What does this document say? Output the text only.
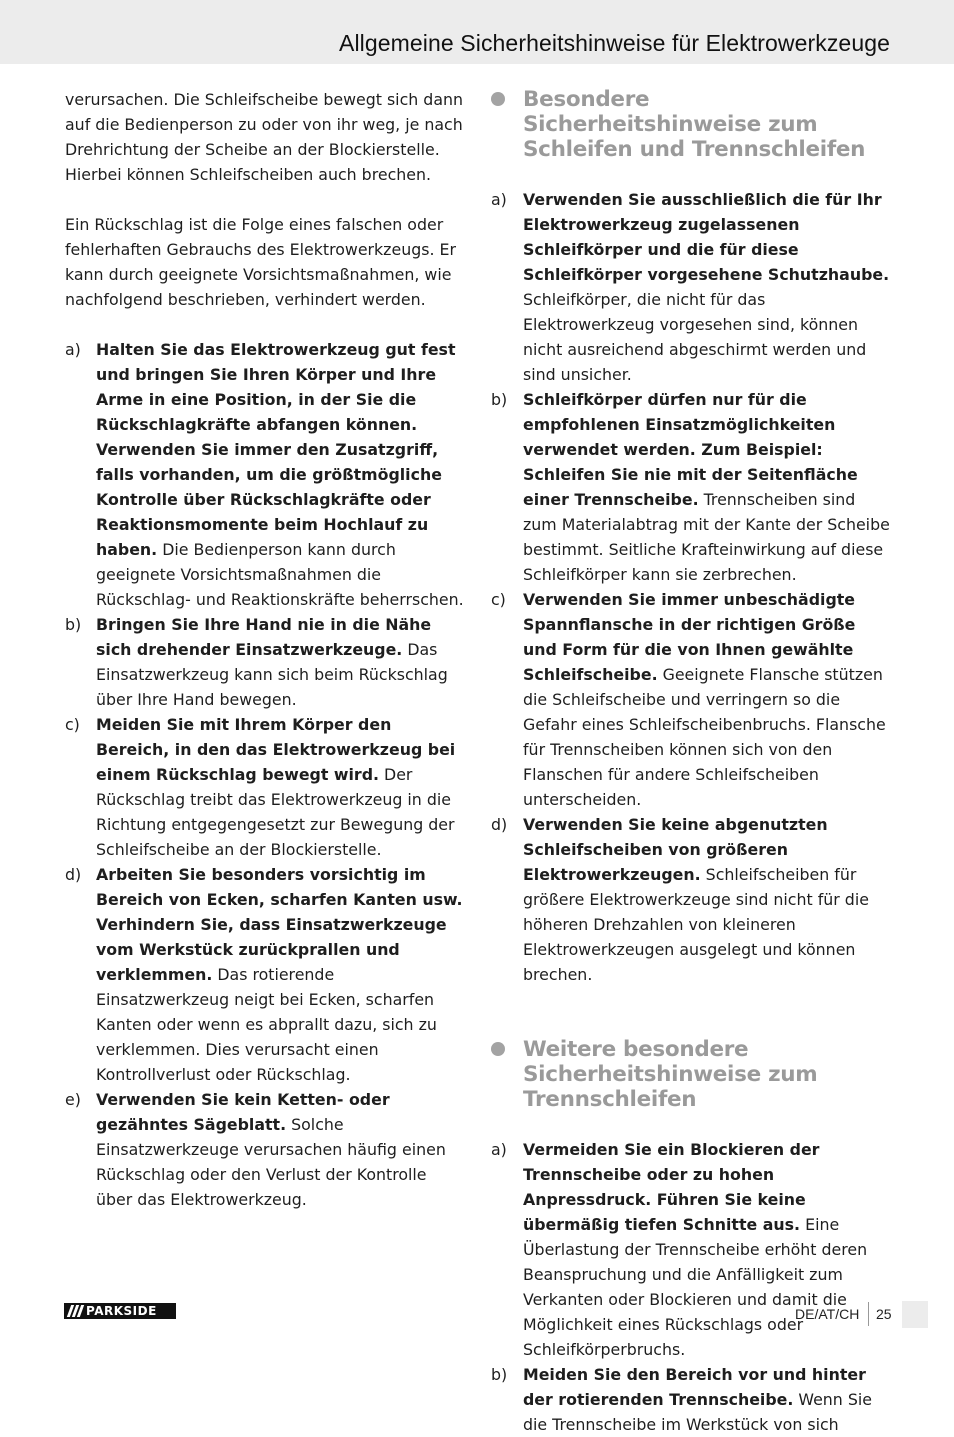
Allgemeine Sicherheitshinweise für Elektrowerkzeuge
verursachen. Die Schleifscheibe bewegt sich dann auf die Bedienperson zu oder von ihr weg, je nach Drehrichtung der Scheibe an der Blockierstelle. Hierbei können Schleifscheiben auch brechen.
Ein Rückschlag ist die Folge eines falschen oder fehlerhaften Gebrauchs des Elektrowerkzeugs. Er kann durch geeignete Vorsichtsmaßnahmen, wie nachfolgend beschrieben, verhindert werden.
a) Halten Sie das Elektrowerkzeug gut fest und bringen Sie Ihren Körper und Ihre Arme in eine Position, in der Sie die Rückschlagkräfte abfangen können. Verwenden Sie immer den Zusatzgriff, falls vorhanden, um die größtmögliche Kontrolle über Rückschlagkräfte oder Reaktionsmomente beim Hochlauf zu haben. Die Bedienperson kann durch geeignete Vorsichtsmaßnahmen die Rückschlag- und Reaktionskräfte beherrschen.
b) Bringen Sie Ihre Hand nie in die Nähe sich drehender Einsatzwerkzeuge. Das Einsatzwerkzeug kann sich beim Rückschlag über Ihre Hand bewegen.
c)	Meiden Sie mit Ihrem Körper den Bereich, in den das Elektrowerkzeug bei einem Rückschlag bewegt wird. Der Rückschlag treibt das Elektrowerkzeug in die Richtung entgegengesetzt zur Bewegung der Schleifscheibe an der Blockierstelle.
d) Arbeiten Sie besonders vorsichtig im Bereich von Ecken, scharfen Kanten usw. Verhindern Sie, dass Einsatzwerkzeuge vom Werkstück zurückprallen und verklemmen. Das rotierende Einsatzwerkzeug neigt bei Ecken, scharfen Kanten oder wenn es abprallt dazu, sich zu verklemmen. Dies verursacht einen Kontrollverlust oder Rückschlag.
e) Verwenden Sie kein Ketten- oder gezähntes Sägeblatt. Solche Einsatzwerkzeuge verursachen häufig einen Rückschlag oder den Verlust der Kontrolle über das Elektrowerkzeug.
Besondere Sicherheitshinweise zum Schleifen und Trennschleifen
a)	Verwenden Sie ausschließlich die für Ihr Elektrowerkzeug zugelassenen Schleifkörper und die für diese Schleifkörper vorgesehene Schutzhaube. Schleifkörper, die nicht für das Elektrowerkzeug vorgesehen sind, können nicht ausreichend abgeschirmt werden und sind unsicher.
b) Schleifkörper dürfen nur für die empfohlenen Einsatzmöglichkeiten verwendet werden. Zum Beispiel: Schleifen Sie nie mit der Seitenfläche einer Trennscheibe. Trennscheiben sind zum Materialabtrag mit der Kante der Scheibe bestimmt. Seitliche Krafteinwirkung auf diese Schleifkörper kann sie zerbrechen.
c)	Verwenden Sie immer unbeschädigte Spannflansche in der richtigen Größe und Form für die von Ihnen gewählte Schleifscheibe. Geeignete Flansche stützen die Schleifscheibe und verringern so die Gefahr eines Schleifscheibenbruchs. Flansche für Trennscheiben können sich von den Flanschen für andere Schleifscheiben unterscheiden.
d) Verwenden Sie keine abgenutzten Schleifscheiben von größeren Elektrowerkzeugen. Schleifscheiben für größere Elektrowerkzeuge sind nicht für die höheren Drehzahlen von kleineren Elektrowerkzeugen ausgelegt und können brechen.
Weitere besondere Sicherheitshinweise zum Trennschleifen
a)	Vermeiden Sie ein Blockieren der Trennscheibe oder zu hohen Anpressdruck. Führen Sie keine übermäßig tiefen Schnitte aus. Eine Überlastung der Trennscheibe erhöht deren Beanspruchung und die Anfälligkeit zum Verkanten oder Blockieren und damit die Möglichkeit eines Rückschlags oder Schleifkörperbruchs.
b) Meiden Sie den Bereich vor und hinter der rotierenden Trennscheibe. Wenn Sie die Trennscheibe im Werkstück von sich
PARKSIDE	DE/AT/CH 25
